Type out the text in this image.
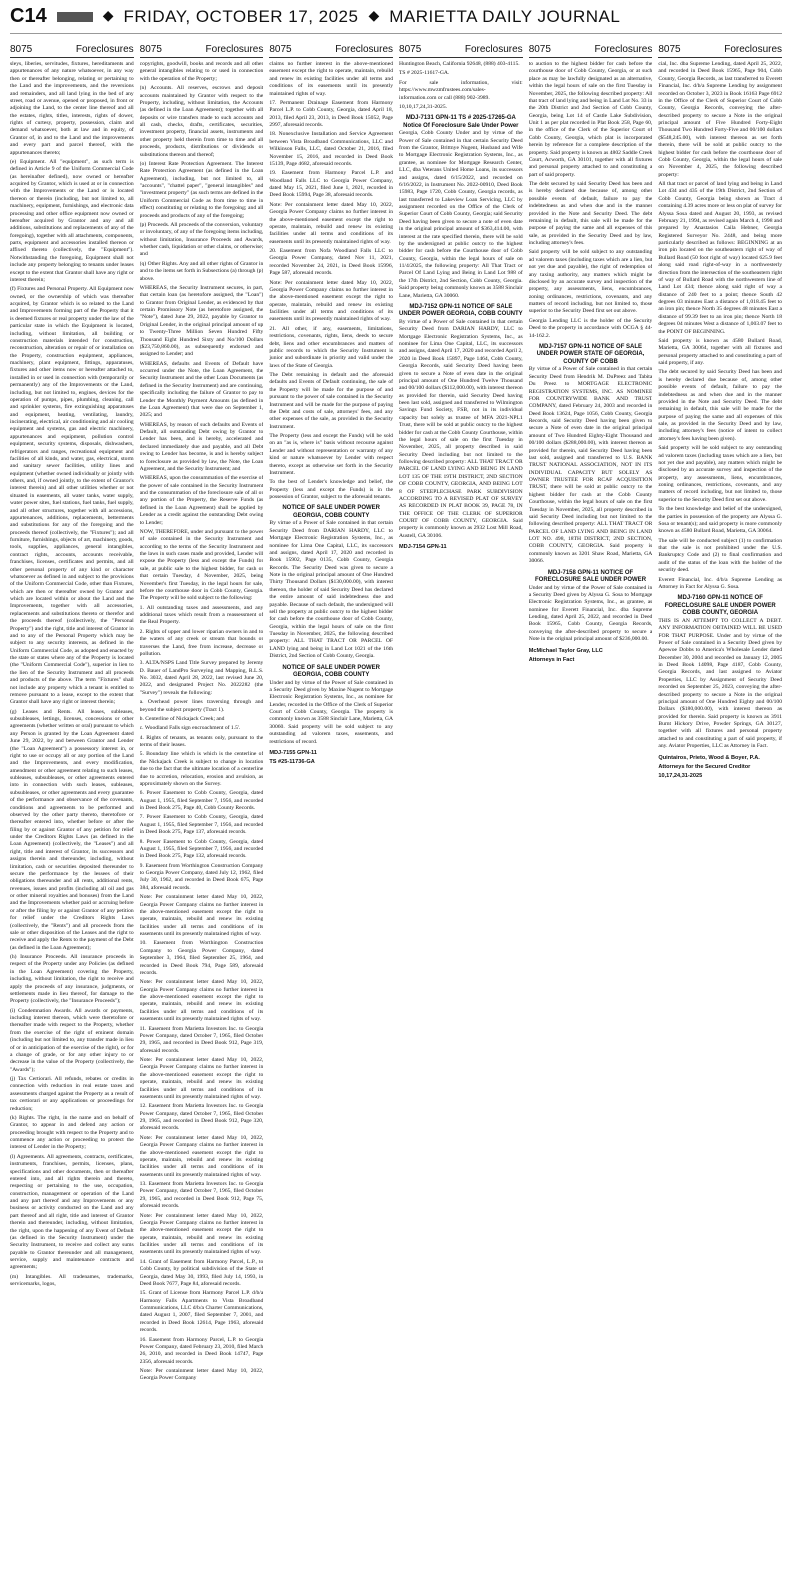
C14	◆ FRIDAY, OCTOBER 17, 2025 ◆ MARIETTA DAILY JOURNAL
8075	Foreclosures

sleys, liberies, servitudes, fixtures, hereditaments and appurtenances of any nature whatsoever, in any way then or thereafter belonging, relating or pertaining to the Land and the improvements, and the reversions and remainders, and all land lying in the bed of any street, road or avenue, opened or proposed, in front or adjoining the Land, to the center line thereof and all the estates, rights, titles, interests, rights of dower, rights of curtesy, property, possession, claim and demand whatsoever, both at law and in equity, of Grantor of, in and to the Land and the improvements and every part and parcel thereof, with the appurtenances thereto;

(e) Equipment. All "equipment", as such term is defined in Article 9 of the Uniform Commercial Code (as hereinafter defined), now owned or hereafter acquired by Grantor, which is used at or in connection with the Improvements or the Land or is located thereon or therein (including, but not limited to, all machinery, equipment, furnishings, and electronic data processing and other office equipment now owned or hereafter acquired by Grantor and any and all additions, substitutions and replacements of any of the foregoing), together with all attachments, components, parts, equipment and accessories installed thereon or affixed thereto (collectively, the "Equipment"). Notwithstanding the foregoing, Equipment shall not include any property belonging to tenants under leases except to the extent that Grantor shall have any right or interest therein;

(f) Fixtures and Personal Property. All Equipment now owned, or the ownership of which was thereafter acquired, by Grantor which is so related to the Land and Improvements forming part of the Property that it is deemed fixtures or real property under the law of the particular state in which the Equipment is located, including, without limitation, all building or construction materials intended for construction, reconstruction, alteration or repair of or installation on the Property, construction equipment, appliances, machinery, plant equipment, fittings, apparatuses, fixtures and other items now or hereafter attached to, installed in or used in connection with (temporarily or permanently) any of the Improvements or the Land, including, but not limited to, engines, devices for the operation of pumps, pipes, plumbing, cleaning, call and sprinkler systems, fire extinguishing apparatuses and equipment, heating, ventilating, laundry, incinerating, electrical, air conditioning and air cooling equipment and systems, gas and electric machinery, appurtenances and equipment, pollution control equipment, security systems, disposals, dishwashers, refrigerators and ranges, recreational equipment and facilities of all kinds, and water, gas, electrical, storm and sanitary sewer facilities, utility lines and equipment (whether owned individually or jointly with others, and, if owned jointly, to the extent of Grantor's interest therein) and all other utilities whether or not situated in easements, all water tanks, water supply, water power sites, fuel stations, fuel tanks, fuel supply, and all other structures, together with all accessions, appurtenances, additions, replacements, betterments and substitutions for any of the foregoing and the proceeds thereof (collectively, the "Fixtures"); and all furniture, furnishings, objects of art, machinery, goods, tools, supplies, appliances, general intangibles, contract rights, accounts, accounts receivable, franchises, licenses, certificates and permits, and all other personal property of any kind or character whatsoever as defined in and subject to the provisions of the Uniform Commercial Code, other than Fixtures, which are then or thereafter owned by Grantor and which are located within or about the Land and the Improvements, together with all accessories, replacements and substitutions thereto or therefor and the proceeds thereof (collectively, the "Personal Property") and the right, title and interest of Grantor in and to any of the Personal Property which may be subject to any security interests, as defined in the Uniform Commercial Code, as adopted and enacted by the state or states where any of the Property is located (the "Uniform Commercial Code"), superior in lien to the lien of the Security Instrument and all proceeds and products of the above. The term "Fixtures" shall not include any property which a tenant is entitled to remove pursuant to a lease, except to the extent that Grantor shall have any right or interest therein;

(g) Leases and Rents. All leases, subleases, subsubleases, lettings, licenses, concessions or other agreements (whether written or oral) pursuant to which any Person is granted by the Loan Agreement dated June 29, 2022, by and between Grantor and Lender (the "Loan Agreement") a possessory interest in, or right to use or occupy all or any portion of the Land and the Improvements, and every modification, amendment or other agreement relating to such leases, subleases, subsubleases, or other agreements entered into in connection with such leases, subleases, subsubleases, or other agreements and every guarantee of the performance and observance of the covenants, conditions and agreements to be performed and observed by the other party thereto, theretofore or thereafter entered into, whether before or after the filing by or against Grantor of any petition for relief under the Creditors Rights Laws (as defined in the Loan Agreement) (collectively, the "Leases") and all right, title and interest of Grantor, its successors and assigns therein and thereunder, including, without limitation, cash or securities deposited thereunder to secure the performance by the lessees of their obligations thereunder and all rents, additional rents, revenues, issues and profits (including all oil and gas or other mineral royalties and bonuses) from the Land and the Improvements whether paid or accruing before or after the filing by or against Grantor of any petition for relief under the Creditors Rights Laws (collectively, the "Rents") and all proceeds from the sale or other disposition of the Leases and the right to receive and apply the Rents to the payment of the Debt (as defined in the Loan Agreement);

(h) Insurance Proceeds. All insurance proceeds in respect of the Property under any Policies (as defined in the Loan Agreement) covering the Property, including, without limitation, the right to receive and apply the proceeds of any insurance, judgments, or settlements made in lieu thereof, for damage to the Property (collectively, the "Insurance Proceeds");

(i) Condemnation Awards. All awards or payments, including interest thereon, which were theretofore or thereafter made with respect to the Property, whether from the exercise of the right of eminent domain (including but not limited to, any transfer made in lieu of or in anticipation of the exercise of the right), or for a change of grade, or for any other injury to or decrease in the value of the Property (collectively, the "Awards");

(j) Tax Certiorari. All refunds, rebates or credits in connection with reduction in real estate taxes and assessments charged against the Property as a result of tax certiorari or any applications or proceedings for reduction;

(k) Rights. The right, in the name and on behalf of Grantor, to appear in and defend any action or proceeding brought with respect to the Property and to commence any action or proceeding to protect the interest of Lender in the Property;

(l) Agreements. All agreements, contracts, certificates, instruments, franchises, permits, licenses, plans, specifications and other documents, then or thereafter entered into, and all rights therein and thereto, respecting or pertaining to the use, occupation, construction, management or operation of the Land and any part thereof and any Improvements or any business or activity conducted on the Land and any part thereof and all right, title and interest of Grantor therein and thereunder, including, without limitation, the right, upon the happening of any Event of Default (as defined in the Security Instrument) under the Security Instrument, to receive and collect any sums payable to Grantor thereunder and all management, service, supply and maintenance contracts and agreements;

(m) Intangibles. All tradenames, trademarks, servicemarks, logos,

8075	Foreclosures

copyrights, goodwill, books and records and all other general intangibles relating to or used in connection with the operation of the Property;

(n) Accounts. All reserves, escrows and deposit accounts maintained by Grantor with respect to the Property, including, without limitation, the Accounts (as defined in the Loan Agreement); together with all deposits or wire transfers made to such accounts and all cash, checks, drafts, certificates, securities, investment property, financial assets, instruments and other property held therein from time to time and all proceeds, products, distributions or dividends or substitutions thereon and thereof;

(o) Interest Rate Protection Agreement. The Interest Rate Protection Agreement (as defined in the Loan Agreement), including, but not limited to, all "accounts", "chattel paper", "general intangibles" and "investment property" (as such terms are defined in the Uniform Commercial Code as from time to time in effect) constituting or relating to the foregoing; and all proceeds and products of any of the foregoing;

(p) Proceeds. All proceeds of the conversion, voluntary or involuntary, of any of the foregoing items including, without limitation, Insurance Proceeds and Awards, whether cash, liquidation or other claims, or otherwise; and

(q) Other Rights. Any and all other rights of Grantor in and to the items set forth in Subsections (a) through (p) above.

WHEREAS, the Security Instrument secures, in part, that certain loan (as heretofore assigned, the "Loan") to Grantor from Original Lender, as evidenced by that certain Promissory Note (as heretofore assigned, the "Note"), dated June 29, 2022, payable by Grantor to Original Lender, in the original principal amount of up to Twenty-Three Million Seven Hundred Fifty Thousand Eight Hundred Sixty and No/100 Dollars ($23,750,860.00), as subsequently endorsed and assigned to Lender; and

WHEREAS, defaults and Events of Default have occurred under the Note, the Loan Agreement, the Security Instrument and the other Loan Documents (as defined in the Security Instrument) and are continuing, specifically including the failure of Grantor to pay to Lender the Monthly Payment Amounts (as defined in the Loan Agreement) that were due on September 1, 2025; and

WHEREAS, by reason of such defaults and Events of Default, all outstanding Debt owing by Grantor to Lender has been, and is hereby, accelerated and declared immediately due and payable, and all Debt owing to Lender has become, is and is hereby subject to foreclosure as provided by law, the Note, the Loan Agreement, and the Security Instrument; and

WHEREAS, upon the consummation of the exercise of the power of sale contained in the Security Instrument and the consummation of the foreclosure sale of all or any portion of the Property, the Reserve Funds (as defined in the Loan Agreement) shall be applied by Lender as a credit against the outstanding Debt owing to Lender;

NOW, THEREFORE, under and pursuant to the power of sale contained in the Security Instrument and according to the terms of the Security Instrument and the laws in such cases made and provided, Lender will expose the Property (less and except the Funds) for sale, at public sale to the highest bidder, for cash or that certain Tuesday, 4 November, 2025, being November's first Tuesday, in the legal hours for sale, before the courthouse door in Cobb County, Georgia. The Property will be sold subject to the following:

1. All outstanding taxes and assessments, and any additional taxes which result from a reassessment of the Real Property.

2. Rights of upper and lower riparian owners in and to the waters of any creek or stream that bounds or traverses the Land, free from increase, decrease or pollution.

3. ALTA/NSPS Land Title Survey prepared by Jeremy D. Bauer of LandPro Surveying and Mapping, R.L.S. No. 3032, dated April 28, 2022, last revised June 20, 2022, and designated Project No. 2022282 (the "Survey") reveals the following:

a. Overhead power lines traversing through and beyond the subject property (Tract 1).

b. Centerline of Nickajack Creek; and

c. Woodland Falls sign encroachment of 1.5'.

4. Rights of tenants, as tenants only, pursuant to the terms of their leases.

5. Boundary line which is which is the centerline of the Nickajack Creek is subject to change in location due to the fact that the ultimate location of a centerline due to accretion, relocation, erosion and avulsion, as approximately shown on the Survey.

6. Power Easement to Cobb County, Georgia, dated August 1, 1955, filed September 7, 1956, and recorded in Deed Book 275, Page 40, Cobb County Records.

7. Power Easement to Cobb County, Georgia, dated August 1, 1955, filed September 7, 1956, and recorded in Deed Book 275, Page 137, aforesaid records.

8. Power Easement to Cobb County, Georgia, dated August 1, 1955, filed September 7, 1956, and recorded in Deed Book 275, Page 132, aforesaid records.

9. Easement from Worthington Construction Company to Georgia Power Company, dated July 12, 1962, filed July 30, 1962, and recorded in Deed Book 675, Page 384, aforesaid records.

Note: Per containment letter dated May 10, 2022, Georgia Power Company claims no further interest in the above-mentioned easement except the right to operate, maintain, rebuild and renew its existing facilities under all terms and conditions of its easements until its presently maintained rights of way.

10. Easement from Worthington Construction Company to Georgia Power Company, dated September 3, 1964, filed September 25, 1964, and recorded in Deed Book 794, Page 589, aforesaid records.

Note: Per containment letter dated May 10, 2022, Georgia Power Company claims no further interest in the above-mentioned easement except the right to operate, maintain, rebuild and renew its existing facilities under all terms and conditions of its easements until its presently maintained rights of way.

11. Easement from Marietta Investors Inc. to Georgia Power Company, dated October 7, 1965, filed October 29, 1965, and recorded in Deed Book 912, Page 319, aforesaid records.

Note: Per containment letter dated May 10, 2022, Georgia Power Company claims no further interest in the above-mentioned easement except the right to operate, maintain, rebuild and renew its existing facilities under all terms and conditions of its easements until its presently maintained rights of way.

12. Easement from Marietta Investors Inc. to Georgia Power Company, dated October 7, 1965, filed October 29, 1965, and recorded in Deed Book 912, Page 320, aforesaid records.

Note: Per containment letter dated May 10, 2022, Georgia Power Company claims no further interest in the above-mentioned easement except the right to operate, maintain, rebuild and renew its existing facilities under all terms and conditions of its easements until its presently maintained rights of way.

13. Easement from Marietta Investors Inc. to Georgia Power Company, dated October 7, 1965, filed October 29, 1965, and recorded in Deed Book 912, Page 75, aforesaid records.

Note: Per containment letter dated May 10, 2022, Georgia Power Company claims no further interest in the above-mentioned easement except the right to operate, maintain, rebuild and renew its existing facilities under all terms and conditions of its easements until its presently maintained rights of way.

14. Grant of Easement from Harmony Parcel, L.P., to Cobb County, by political subdivision of the State of Georgia, dated May 30, 1993, filed July 14, 1993, in Deed Book 7677, Page 84, aforesaid records.

15. Grant of License from Harmony Parcel L.P. d/b/a Harmony Falls Apartments to Vista Broadband Communications, LLC d/b/a Charter Communications, dated August 1, 2007, filed September 7, 2001, and recorded in Deed Book 12614, Page 1963, aforesaid records.

16. Easement from Harmony Parcel, L.P. to Georgia Power Company, dated February 23, 2010, filed March 26, 2010, and recorded in Deed Book 14747, Page 2356, aforesaid records.

Note: Per containment letter dated May 10, 2022, Georgia Power Company

8075	Foreclosures

claims no further interest in the above-mentioned easement except the right to operate, maintain, rebuild and renew its existing facilities under all terms and conditions of its easements until its presently maintained rights of way.

17. Permanent Drainage Easement from Harmony Parcel L.P. to Cobb County, Georgia, dated April 18, 2013, filed April 23, 2013, in Deed Book 15052, Page 2997, aforesaid records.

18. Nonexclusive Installation and Service Agreement between Vista Broadband Communications, LLC and Wilkinson Falls, LLC, dated October 21, 2016, filed November 15, 2016, and recorded in Deed Book 15139, Page 4682, aforesaid records.

19. Easement from Harmony Parcel L.P. and Woodland Falls LLC to Georgia Power Company, dated May 15, 2021, filed June 1, 2021, recorded in Deed Book 15994, Page 38, aforesaid records.

Note: Per containment letter dated May 10, 2022, Georgia Power Company claims no further interest in the above-mentioned easement except the right to operate, maintain, rebuild and renew its existing facilities under all terms and conditions of its easements until its presently maintained rights of way.

20. Easement from Nofa Woodland Falls LLC to Georgia Power Company, dated Nov 11, 2021, recorded November 24, 2021, in Deed Book 15996, Page 587, aforesaid records.

Note: Per containment letter dated May 10, 2022, Georgia Power Company claims no further interest in the above-mentioned easement except the right to operate, maintain, rebuild and renew its existing facilities under all terms and conditions of its easements until its presently maintained rights of way.

21. All other, if any, easements, limitations, restrictions, covenants, rights, liens, deeds to secure debt, liens and other encumbrances and matters of public records to which the Security Instrument is junior and subordinate in priority and valid under the laws of the State of Georgia.

The Debt remaining in default and the aforesaid defaults and Events of Default continuing, the sale of the Property will be made for the purpose of and pursuant to the power of sale contained in the Security Instrument and will be made for the purpose of paying the Debt and costs of sale, attorneys' fees, and any other expenses of the sale, as provided in the Security Instrument.

The Property (less and except the Funds) will be sold on an "as is, where is" basis without recourse against Lender and without representation or warranty of any kind or nature whatsoever by Lender with respect thereto, except as otherwise set forth in the Security Instrument.

To the best of Lender's knowledge and belief, the Property (less and except the Funds) is in the possession of Grantor, subject to the aforesaid tenants.

NOTICE OF SALE UNDER POWER GEORGIA, COBB COUNTY
By virtue of a Power of Sale contained in that certain Security Deed from DARIAN HARDY, LLC to Mortgage Electronic Registration Systems, Inc., as nominee for Lima One Capital, LLC, its successors and assigns, dated April 17, 2020 and recorded in Book 15902, Page 0135, Cobb County, Georgia Records. The Security Deed was given to secure a Note in the original principal amount of One Hundred Thirty Thousand Dollars ($130,000.00), with interest thereon, the holder of said Security Deed has declared the entire amount of said indebtedness due and payable. Because of such default, the undersigned will sell the property at public outcry to the highest bidder for cash before the courthouse door of Cobb County, Georgia, within the legal hours of sale on the first Tuesday in November, 2025, the following described property: ALL THAT TRACT OR PARCEL OF LAND lying and being in Land Lot 1021 of the 16th District, 2nd Section of Cobb County, Georgia.
NOTICE OF SALE UNDER POWER GEORGIA, COBB COUNTY
Under and by virtue of the Power of Sale contained in a Security Deed given by Maxine Nugent to Mortgage Electronic Registration Systems, Inc., as nominee for Lender, recorded in the Office of the Clerk of Superior Court of Cobb County, Georgia. The property is commonly known as 3588 Sinclair Lane, Marietta, GA 30060. Said property will be sold subject to any outstanding ad valorem taxes, easements, and restrictions of record.
MDJ-7155 GPN-11
TS #25-11736-GA
8075	Foreclosures

Huntington Beach, California 92648, (888) 403-4115.

TS # 2025-11617-GA.

For sale information, visit: https://www.mwzmfrustees.com/sales-information.com or call (888) 902-3989.

10,10,17,24,31-2025.

MDJ-7131 GPN-11 TS # 2025-17265-GA Notice Of Foreclosure Sale Under Power
Georgia, Cobb County Under and by virtue of the Power of Sale contained in that certain Security Deed from the Grantor, Brittnye Nugent, Husband and Wife to Mortgage Electronic Registration Systems, Inc., as grantee, as nominee for Mortgage Research Center, LLC, dba Veterans United Home Loans, its successors and assigns, dated 6/15/2022, and recorded on 6/16/2022, in Instrument No. 2022-00910, Deed Book 15983, Page 1720, Cobb County, Georgia records, as last transferred to Lakeview Loan Servicing, LLC by assignment recorded on the Office of the Clerk of Superior Court of Cobb County, Georgia; said Security Deed having been given to secure a note of even date in the original principal amount of $363,414.00, with interest at the rate specified therein, there will be sold by the undersigned at public outcry to the highest bidder for cash before the Courthouse door of Cobb County, Georgia, within the legal hours of sale on 11/4/2025, the following property: All That Tract or Parcel Of Land Lying and Being in Land Lot 988 of the 17th District, 2nd Section, Cobb County, Georgia. Said property being commonly known as 3588 Sinclair Lane, Marietta, GA 30060.
MDJ-7152 GPN-11 NOTICE OF SALE UNDER POWER GEORGIA, COBB COUNTY
By virtue of a Power of Sale contained in that certain Security Deed from DARIAN HARDY, LLC to Mortgage Electronic Registration Systems, Inc., as nominee for Lima One Capital, LLC, its successors and assigns, dated April 17, 2020 and recorded April 2, 2020 in Deed Book 15897, Page 1464, Cobb County, Georgia Records, said Security Deed having been given to secure a Note of even date in the original principal amount of One Hundred Twelve Thousand and 00/100 dollars ($112,000.00), with interest thereon as provided for therein, said Security Deed having been last sold, assigned and transferred to Wilmington Savings Fund Society, FSB, not in its individual capacity but solely as trustee of MFA 2021-NPL1 Trust, there will be sold at public outcry to the highest bidder for cash at the Cobb County Courthouse, within the legal hours of sale on the first Tuesday in November, 2025, all property described in said Security Deed including but not limited to the following described property: ALL THAT TRACT OR PARCEL OF LAND LYING AND BEING IN LAND LOT 135 OF THE 19TH DISTRICT, 2ND SECTION OF COBB COUNTY, GEORGIA, AND BEING LOT 8 OF STEEPLECHASE PARK SUBDIVISION ACCORDING TO A REVISED PLAT OF SURVEY AS RECORDED IN PLAT BOOK 39, PAGE 78, IN THE OFFICE OF THE CLERK OF SUPERIOR COURT OF COBB COUNTY, GEORGIA. Said property is commonly known as 2932 Lost Mill Road, Austell, GA 30106.
MDJ-7154 GPN-11
8075	Foreclosures

to auction to the highest bidder for cash before the courthouse door of Cobb County, Georgia, or at such place as may be lawfully designated as an alternative, within the legal hours of sale on the first Tuesday in November, 2025, the following described property: All that tract of land lying and being in Land Lot No. 33 in the 20th District and 2nd Section of Cobb County, Georgia, being Lot 14 of Castle Lake Subdivision, Unit 1 as per plat recorded in Plat Book 258, Page 60, in the office of the Clerk of the Superior Court of Cobb County, Georgia, which plat is incorporated herein by reference for a complete description of the property. Said property is known as 4802 Saddle Creek Court, Acworth, GA 30101, together with all fixtures and personal property attached to and constituting a part of said property.

The debt secured by said Security Deed has been and is hereby declared due because of, among other possible events of default, failure to pay the indebtedness as and when due and in the manner provided in the Note and Security Deed. The debt remaining in default, this sale will be made for the purpose of paying the same and all expenses of this sale, as provided in the Security Deed and by law, including attorney's fees.

Said property will be sold subject to any outstanding ad valorem taxes (including taxes which are a lien, but not yet due and payable), the right of redemption of any taxing authority, any matters which might be disclosed by an accurate survey and inspection of the property, any assessments, liens, encumbrances, zoning ordinances, restrictions, covenants, and any matters of record including, but not limited to, those superior to the Security Deed first set out above.

Georgia Lending LLC is the holder of the Security Deed to the property in accordance with OCGA § 44-14-162.2.

MDJ-7157 GPN-11 NOTICE OF SALE UNDER POWER STATE OF GEORGIA, COUNTY OF COBB
By virtue of a Power of Sale contained in that certain Security Deed from Hendrik M. DuPreez and Tabita Du Preez to MORTGAGE ELECTRONIC REGISTRATION SYSTEMS, INC. AS NOMINEE FOR COUNTRYWIDE BANK AND TRUST COMPANY, dated February 24, 2003 and recorded in Deed Book 13624, Page 1056, Cobb County, Georgia Records, said Security Deed having been given to secure a Note of even date in the original principal amount of Two Hundred Eighty-Eight Thousand and 00/100 dollars ($288,000.00), with interest thereon as provided for therein, said Security Deed having been last sold, assigned and transferred to U.S. BANK TRUST NATIONAL ASSOCIATION, NOT IN ITS INDIVIDUAL CAPACITY BUT SOLELY AS OWNER TRUSTEE FOR RCAF ACQUISITION TRUST, there will be sold at public outcry to the highest bidder for cash at the Cobb County Courthouse, within the legal hours of sale on the first Tuesday in November, 2025, all property described in said Security Deed including but not limited to the following described property: ALL THAT TRACT OR PARCEL OF LAND LYING AND BEING IN LAND LOT NO. 498, 18TH DISTRICT, 2ND SECTION, COBB COUNTY, GEORGIA. Said property is commonly known as 3201 Shaw Road, Marietta, GA 30066.
MDJ-7158 GPN-11 NOTICE OF FORECLOSURE SALE UNDER POWER
Under and by virtue of the Power of Sale contained in a Security Deed given by Alyssa G. Sosa to Mortgage Electronic Registration Systems, Inc., as grantee, as nominee for Everett Financial, Inc. dba Supreme Lending, dated April 25, 2022, and recorded in Deed Book 15965, Cobb County, Georgia Records, conveying the after-described property to secure a Note in the original principal amount of $236,000.00.
McMichael Taylor Gray, LLC
Attorneys in Fact
8075	Foreclosures

cial, Inc. dba Supreme Lending, dated April 25, 2022, and recorded in Deed Book 15965, Page 904, Cobb County, Georgia Records, as last transferred to Everett Financial, Inc. d/b/a Supreme Lending by assignment recorded on October 3, 2023 in Book 16163 Page 6912 in the Office of the Clerk of Superior Court of Cobb County, Georgia Records, conveying the after-described property to secure a Note in the original principal amount of Five Hundred Forty-Eight Thousand Two Hundred Forty-Five and 00/100 dollars ($548,245.00), with interest thereon as set forth therein, there will be sold at public outcry to the highest bidder for cash before the courthouse door of Cobb County, Georgia, within the legal hours of sale on November 4, 2025, the following described property:

All that tract or parcel of land lying and being in Land Lot 434 and 435 of the 19th District, 2nd Section of Cobb County, Georgia being shown as Tract 4 containing 4.39 acres more or less on plat of survey for Alyssa Sosa dated and August 20, 1993, as revised February 21, 1994, as revised again March 4, 1998 and prepared by Anastasios Caila Hebner, Georgia Registered Surveyor No. 2448, and being more particularly described as follows: BEGINNING at an iron pin located on the southeastern right of way of Bullard Road (50 foot right of way) located 625.9 feet along said road right-of-way in a northwesterly direction from the intersection of the southeastern right of way of Bullard Road with the northwestern line of Land Lot 434; thence along said right of way a distance of 240 feet to a point; thence South 42 degrees 03 minutes East a distance of 1,018.45 feet to an iron pin; thence North 35 degrees 48 minutes East a distance of 99.39 feet to an iron pin; thence North 18 degrees 04 minutes West a distance of 1,003.07 feet to the POINT OF BEGINNING.

Said property is known as 4580 Bullard Road, Marietta, GA 30064, together with all fixtures and personal property attached to and constituting a part of said property, if any.

The debt secured by said Security Deed has been and is hereby declared due because of, among other possible events of default, failure to pay the indebtedness as and when due and in the manner provided in the Note and Security Deed. The debt remaining in default, this sale will be made for the purpose of paying the same and all expenses of this sale, as provided in the Security Deed and by law, including attorney's fees (notice of intent to collect attorney's fees having been given).

Said property will be sold subject to any outstanding ad valorem taxes (including taxes which are a lien, but not yet due and payable), any matters which might be disclosed by an accurate survey and inspection of the property, any assessments, liens, encumbrances, zoning ordinances, restrictions, covenants, and any matters of record including, but not limited to, those superior to the Security Deed first set out above.

To the best knowledge and belief of the undersigned, the parties in possession of the property are Alyssa G. Sosa or tenant(s); and said property is more commonly known as 4580 Bullard Road, Marietta, GA 30064.

The sale will be conducted subject (1) to confirmation that the sale is not prohibited under the U.S. Bankruptcy Code and (2) to final confirmation and audit of the status of the loan with the holder of the security deed.

Everett Financial, Inc. d/b/a Supreme Lending as Attorney in Fact for Alyssa G. Sosa.

MDJ-7160 GPN-11 NOTICE OF FORECLOSURE SALE UNDER POWER COBB COUNTY, GEORGIA
THIS IS AN ATTEMPT TO COLLECT A DEBT. ANY INFORMATION OBTAINED WILL BE USED FOR THAT PURPOSE. Under and by virtue of the Power of Sale contained in a Security Deed given by Apewoe Dobbs to America's Wholesale Lender dated December 30, 2004 and recorded on January 12, 2005 in Deed Book 14098, Page 4187, Cobb County, Georgia Records, and last assigned to Aviator Properties, LLC by Assignment of Security Deed recorded on September 25, 2023, conveying the after-described property to secure a Note in the original principal amount of One Hundred Eighty and 00/100 Dollars ($180,000.00), with interest thereon as provided for therein. Said property is known as 3911 Burnt Hickory Drive, Powder Springs, GA 30127, together with all fixtures and personal property attached to and constituting a part of said property, if any. Aviator Properties, LLC as Attorney in Fact.
Quintairos, Prieto, Wood & Boyer, P.A.
Attorneys for the Secured Creditor
10,17,24,31-2025
